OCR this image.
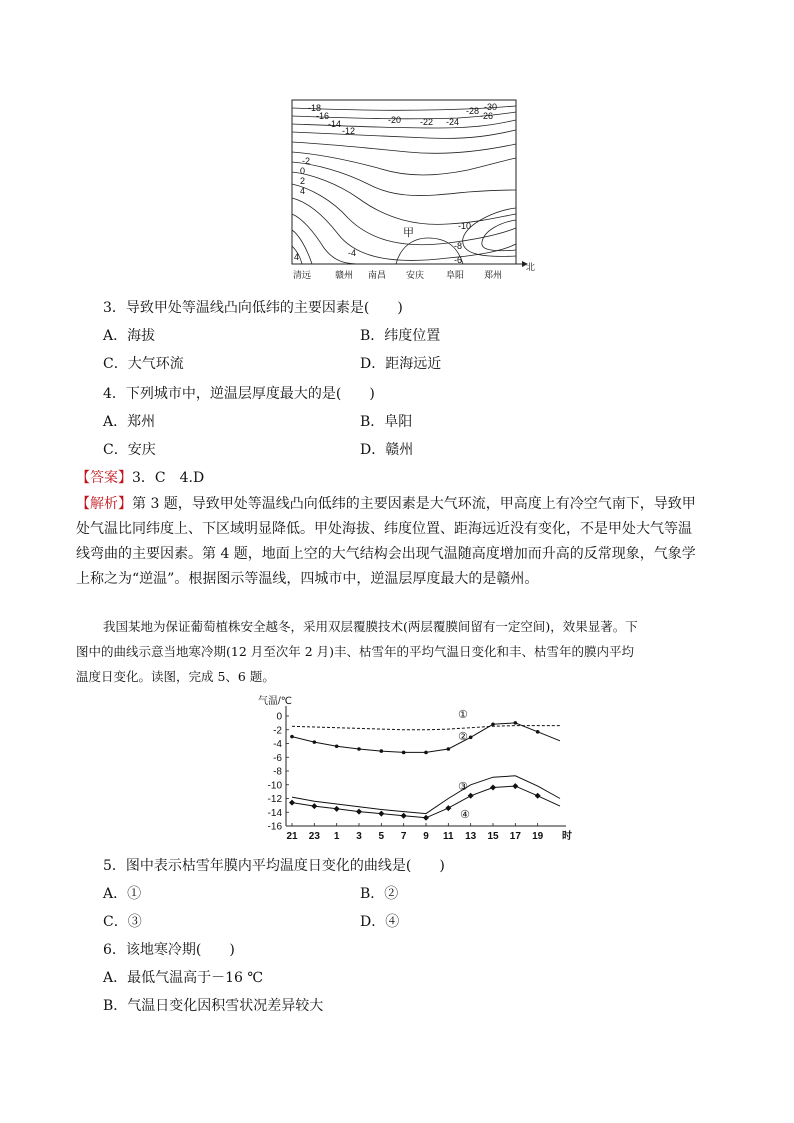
-18
-16
-14
-12
-20 -22 -24
-26
-28 -30
-2
0
2
4
-10
-8
-6
-4
4
甲
清远	赣州 南昌 安庆 阜阳 郑州
北
3．导致甲处等温线凸向低纬的主要因素是(　　)
A．海拔	B．纬度位置
C．大气环流	D．距海远近
4．下列城市中，逆温层厚度最大的是(　　)
A．郑州	B．阜阳
C．安庆	D．赣州
【答案】3．C　4.D
【解析】第 3 题，导致甲处等温线凸向低纬的主要因素是大气环流，甲高度上有冷空气南下，导致甲
处气温比同纬度上、下区域明显降低。甲处海拔、纬度位置、距海远近没有变化，不是甲处大气等温
线弯曲的主要因素。第 4 题，地面上空的大气结构会出现气温随高度增加而升高的反常现象，气象学
上称之为“逆温”。根据图示等温线，四城市中，逆温层厚度最大的是赣州。
我国某地为保证葡萄植株安全越冬，采用双层覆膜技术(两层覆膜间留有一定空间)，效果显著。下
图中的曲线示意当地寒冷期(12 月至次年 2 月)丰、枯雪年的平均气温日变化和丰、枯雪年的膜内平均
温度日变化。读图，完成 5、6 题。
气温/℃
0
-2
-4
-6
-8
-10
-12
-14
-16
21 23 1 3 5 7 9 11 13 15 17 19 时
①
②
③
④
5．图中表示枯雪年膜内平均温度日变化的曲线是(　　)
A．①	B．②
C．③	D．④
6．该地寒冷期(　　)
A．最低气温高于－16 ℃
B．气温日变化因积雪状况差异较大
